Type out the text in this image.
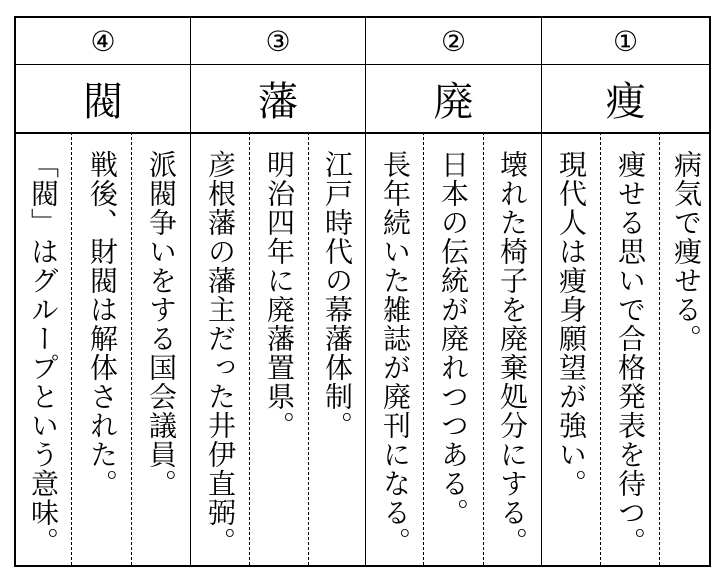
④
閥
派閥争いをする国会議員。
戦後、財閥は解体された。
「閥」はグループという意味。
③
藩
江戸時代の幕藩体制。
明治四年に廃藩置県。
彦根藩の藩主だった井伊直弼。
②
廃
壊れた椅子を廃棄処分にする。
日本の伝統が廃れつつある。
長年続いた雑誌が廃刊になる。
①
痩
病気で痩せる。
痩せる思いで合格発表を待つ。
現代人は痩身願望が強い。
